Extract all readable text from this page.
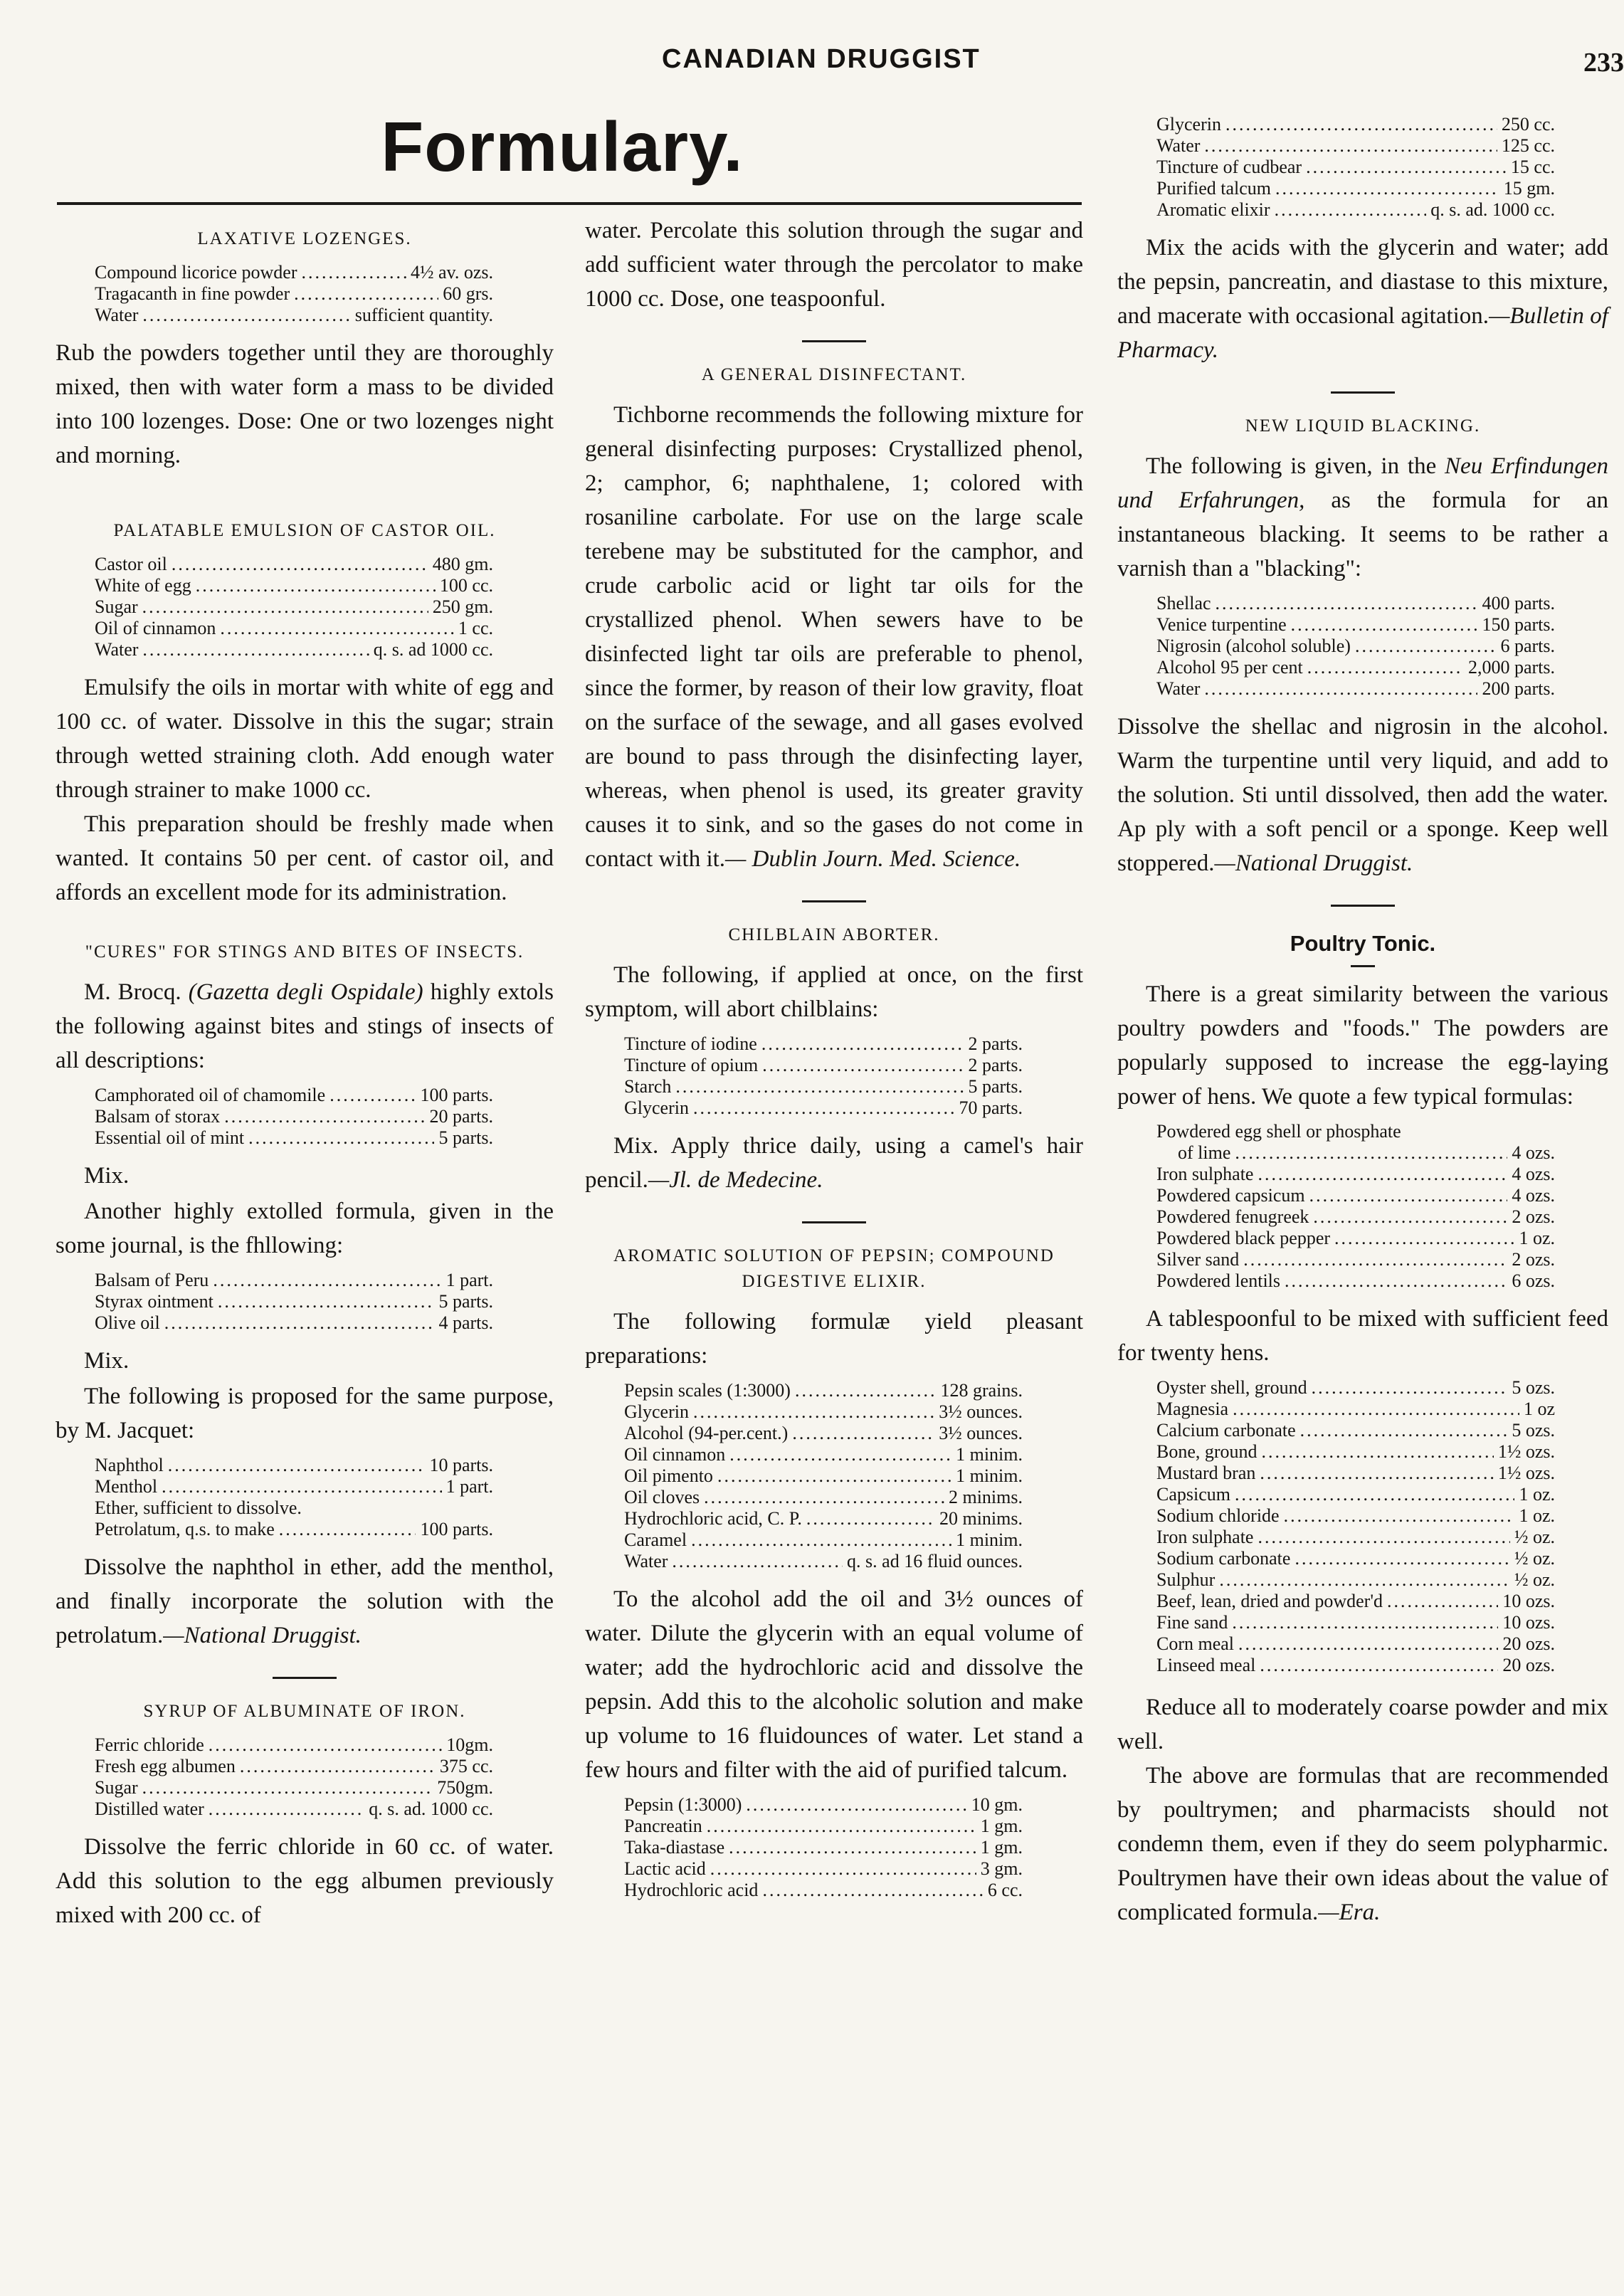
CANADIAN DRUGGIST	233
Formulary.
LAXATIVE LOZENGES.
Compound licorice powder .....	4½ av. ozs.
Tragacanth in fine powder .....	60 grs.
Water .....	sufficient quantity.

Rub the powders together until they are thoroughly mixed, then with water form a mass to be divided into 100 lozenges. Dose: One or two lozenges night and morning.

PALATABLE EMULSION OF CASTOR OIL.
Castor oil .....	480 gm.
White of egg .....	100 cc.
Sugar .....	250 gm.
Oil of cinnamon .....	1 cc.
Water .....	q. s. ad 1000 cc.

Emulsify the oils in mortar with white of egg and 100 cc. of water. Dissolve in this the sugar; strain through wetted straining cloth. Add enough water through strainer to make 1000 cc.

This preparation should be freshly made when wanted. It contains 50 per cent. of castor oil, and affords an excellent mode for its administration.

"CURES" FOR STINGS AND BITES OF INSECTS.

M. Brocq. (Gazetta degli Ospidale) highly extols the following against bites and stings of insects of all descriptions:

Camphorated oil of chamomile .....	100 parts.
Balsam of storax .....	20 parts.
Essential oil of mint .....	5 parts.

Mix.

Another highly extolled formula, given in the some journal, is the fhllowing:

Balsam of Peru .....	1 part.
Styrax ointment .....	5 parts.
Olive oil .....	4 parts.

Mix.

The following is proposed for the same purpose, by M. Jacquet:

Naphthol .....	10 parts.
Menthol .....	1 part.
Ether, sufficient to dissolve.
Petrolatum, q.s. to make .....	100 parts.

Dissolve the naphthol in ether, add the menthol, and finally incorporate the solution with the petrolatum.—National Druggist.

SYRUP OF ALBUMINATE OF IRON.
Ferric chloride .....	10gm.
Fresh egg albumen .....	375 cc.
Sugar .....	750gm.
Distilled water .....	q. s. ad. 1000 cc.

Dissolve the ferric chloride in 60 cc. of water. Add this solution to the egg albumen previously mixed with 200 cc. of

water. Percolate this solution through the sugar and add sufficient water through the percolator to make 1000 cc. Dose, one teaspoonful.

A GENERAL DISINFECTANT.

Tichborne recommends the following mixture for general disinfecting purposes: Crystallized phenol, 2; camphor, 6; naphthalene, 1; colored with rosaniline carbolate. For use on the large scale terebene may be substituted for the camphor, and crude carbolic acid or light tar oils for the crystallized phenol. When sewers have to be disinfected light tar oils are preferable to phenol, since the former, by reason of their low gravity, float on the surface of the sewage, and all gases evolved are bound to pass through the disinfecting layer, whereas, when phenol is used, its greater gravity causes it to sink, and so the gases do not come in contact with it.— Dublin Journ. Med. Science.

CHILBLAIN ABORTER.

The following, if applied at once, on the first symptom, will abort chilblains:

Tincture of iodine .....	2 parts.
Tincture of opium .....	2 parts.
Starch .....	5 parts.
Glycerin .....	70 parts.

Mix. Apply thrice daily, using a camel's hair pencil.—Jl. de Medecine.

AROMATIC SOLUTION OF PEPSIN; COMPOUND DIGESTIVE ELIXIR.

The following formulæ yield pleasant preparations:

Pepsin scales (1:3000) .....	128 grains.
Glycerin .....	3½ ounces.
Alcohol (94-per.cent.) .....	3½ ounces.
Oil cinnamon .....	1 minim.
Oil pimento .....	1 minim.
Oil cloves .....	2 minims.
Hydrochloric acid, C. P. .....	20 minims.
Caramel .....	1 minim.
Water .....	q. s. ad 16 fluid ounces.

To the alcohol add the oil and 3½ ounces of water. Dilute the glycerin with an equal volume of water; add the hydrochloric acid and dissolve the pepsin. Add this to the alcoholic solution and make up volume to 16 fluidounces of water. Let stand a few hours and filter with the aid of purified talcum.

Pepsin (1:3000) .....	10 gm.
Pancreatin .....	1 gm.
Taka-diastase .....	1 gm.
Lactic acid .....	3 gm.
Hydrochloric acid .....	6 cc.
Glycerin .....	250 cc.
Water .....	125 cc.
Tincture of cudbear .....	15 cc.
Purified talcum .....	15 gm.
Aromatic elixir .....	q. s. ad. 1000 cc.

Mix the acids with the glycerin and water; add the pepsin, pancreatin, and diastase to this mixture, and macerate with occasional agitation.—Bulletin of Pharmacy.

NEW LIQUID BLACKING.

The following is given, in the Neu Erfindungen und Erfahrungen, as the formula for an instantaneous blacking. It seems to be rather a varnish than a "blacking":

Shellac .....	400 parts.
Venice turpentine .....	150 parts.
Nigrosin (alcohol soluble) .....	6 parts.
Alcohol 95 per cent .....	2,000 parts.
Water .....	200 parts.

Dissolve the shellac and nigrosin in the alcohol. Warm the turpentine until very liquid, and add to the solution. Sti until dissolved, then add the water. Ap ply with a soft pencil or a sponge. Keep well stoppered.—National Druggist.

Poultry Tonic.

There is a great similarity between the various poultry powders and "foods." The powders are popularly supposed to increase the egg-laying power of hens. We quote a few typical formulas:

Powdered egg shell or phosphate
of lime .....	4 ozs.
Iron sulphate .....	4 ozs.
Powdered capsicum .....	4 ozs.
Powdered fenugreek .....	2 ozs.
Powdered black pepper .....	1 oz.
Silver sand .....	2 ozs.
Powdered lentils .....	6 ozs.

A tablespoonful to be mixed with sufficient feed for twenty hens.

Oyster shell, ground .....	5 ozs.
Magnesia .....	1 oz
Calcium carbonate .....	5 ozs.
Bone, ground .....	1½ ozs.
Mustard bran .....	1½ ozs.
Capsicum .....	1 oz.
Sodium chloride .....	1 oz.
Iron sulphate .....	½ oz.
Sodium carbonate .....	½ oz.
Sulphur .....	½ oz.
Beef, lean, dried and powder'd .....	10 ozs.
Fine sand .....	10 ozs.
Corn meal .....	20 ozs.
Linseed meal .....	20 ozs.

Reduce all to moderately coarse powder and mix well.

The above are formulas that are recommended by poultrymen; and pharmacists should not condemn them, even if they do seem polypharmic. Poultrymen have their own ideas about the value of complicated formula.—Era.
